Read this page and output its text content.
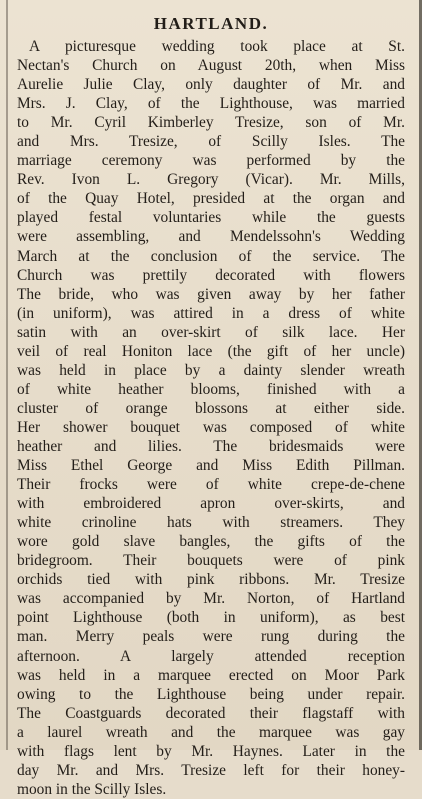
HARTLAND.
A picturesque wedding took place at St.
Nectan's Church on August 20th, when Miss
Aurelie Julie Clay, only daughter of Mr. and
Mrs. J. Clay, of the Lighthouse, was married
to Mr. Cyril Kimberley Tresize, son of Mr.
and Mrs. Tresize, of Scilly Isles. The
marriage ceremony was performed by the
Rev. Ivon L. Gregory (Vicar). Mr. Mills,
of the Quay Hotel, presided at the organ and
played festal voluntaries while the guests
were assembling, and Mendelssohn's Wedding
March at the conclusion of the service. The
Church was prettily decorated with flowers
The bride, who was given away by her father
(in uniform), was attired in a dress of white
satin with an over-skirt of silk lace. Her
veil of real Honiton lace (the gift of her uncle)
was held in place by a dainty slender wreath
of white heather blooms, finished with a
cluster of orange blossons at either side.
Her shower bouquet was composed of white
heather and lilies. The bridesmaids were
Miss Ethel George and Miss Edith Pillman.
Their frocks were of white crepe-de-chene
with embroidered apron over-skirts, and
white crinoline hats with streamers. They
wore gold slave bangles, the gifts of the
bridegroom. Their bouquets were of pink
orchids tied with pink ribbons. Mr. Tresize
was accompanied by Mr. Norton, of Hartland
point Lighthouse (both in uniform), as best
man. Merry peals were rung during the
afternoon. A largely attended reception
was held in a marquee erected on Moor Park
owing to the Lighthouse being under repair.
The Coastguards decorated their flagstaff with
a laurel wreath and the marquee was gay
with flags lent by Mr. Haynes. Later in the
day Mr. and Mrs. Tresize left for their honey-
moon in the Scilly Isles.
